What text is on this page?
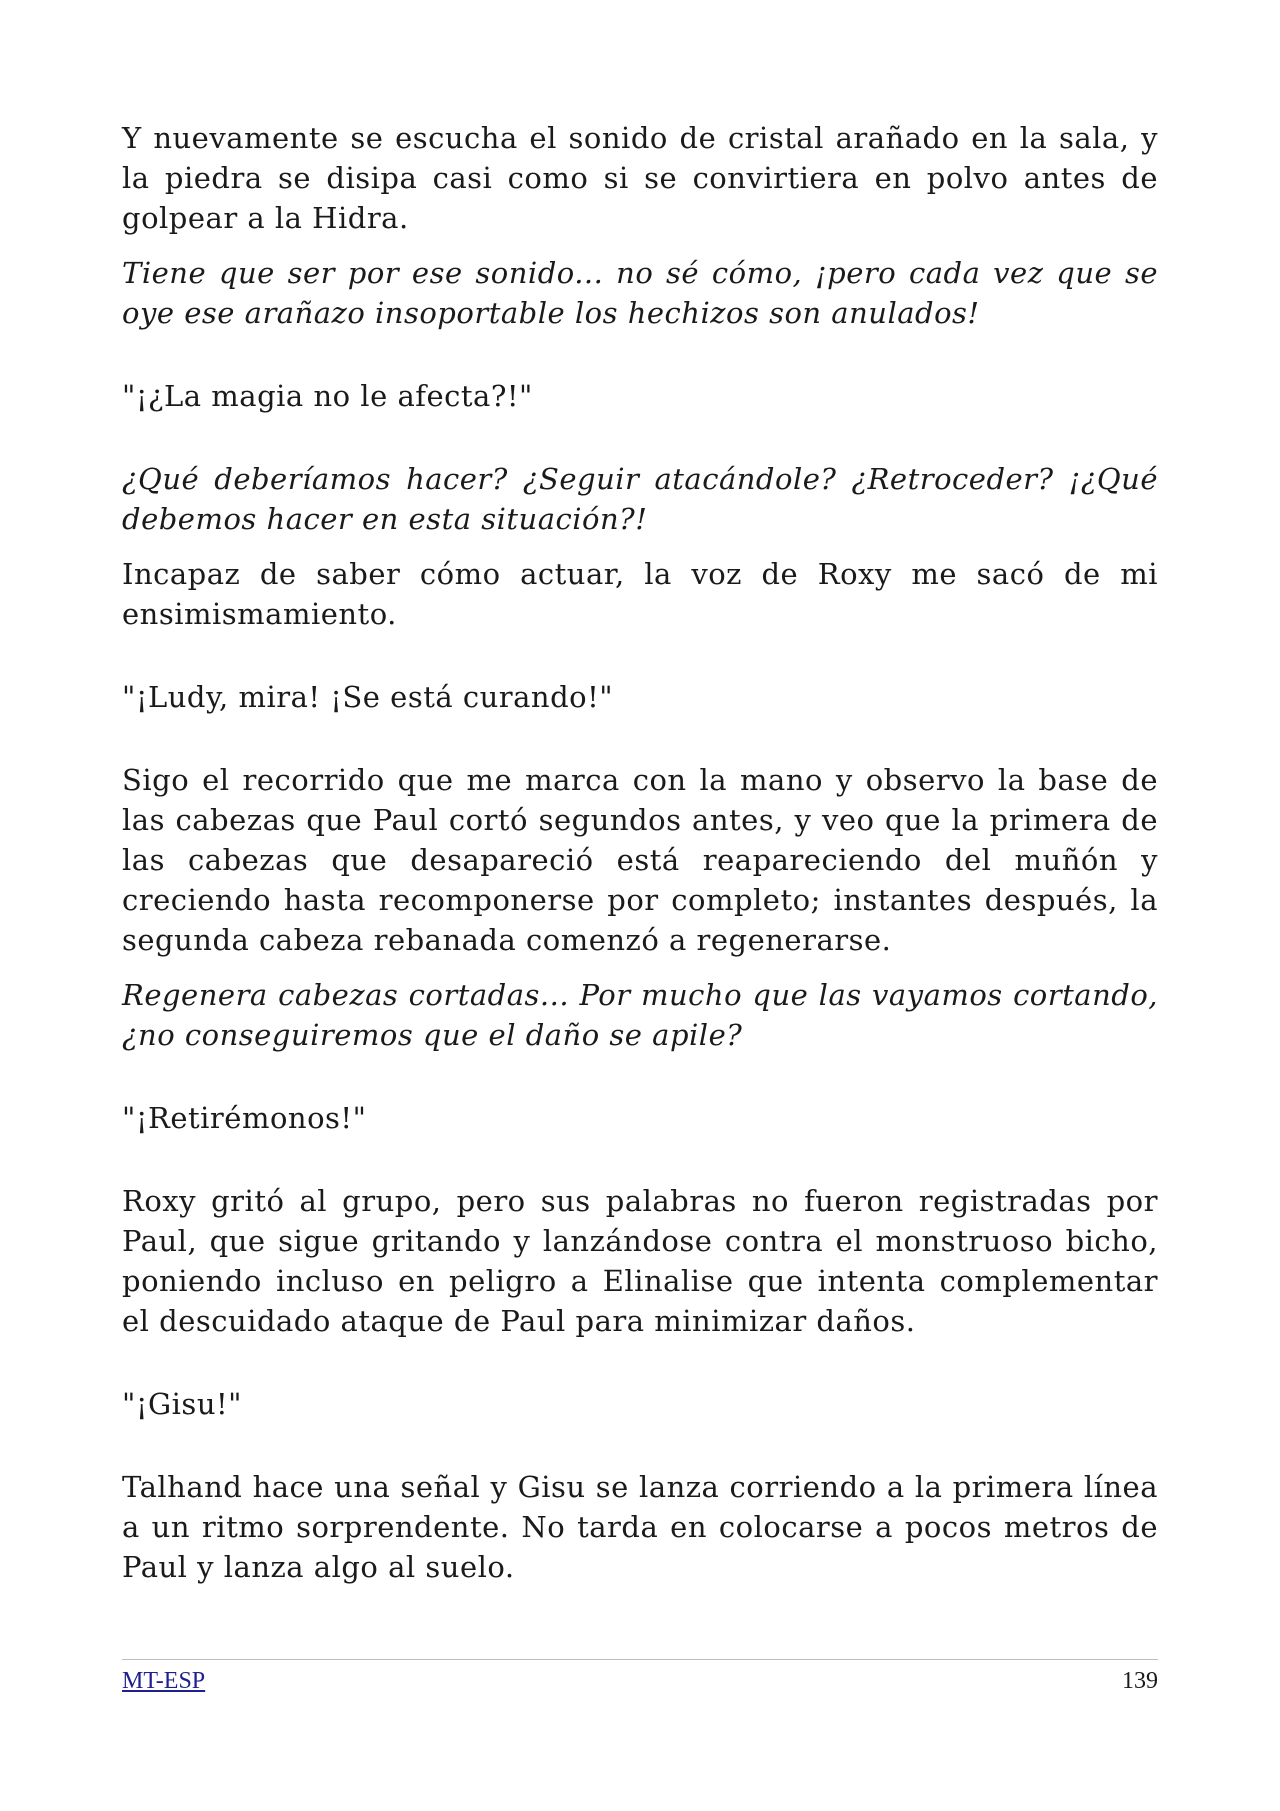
Y nuevamente se escucha el sonido de cristal arañado en la sala, y la piedra se disipa casi como si se convirtiera en polvo antes de golpear a la Hidra.

Tiene que ser por ese sonido... no sé cómo, ¡pero cada vez que se oye ese arañazo insoportable los hechizos son anulados!

"¡¿La magia no le afecta?!"

¿Qué deberíamos hacer? ¿Seguir atacándole? ¿Retroceder? ¡¿Qué debemos hacer en esta situación?!

Incapaz de saber cómo actuar, la voz de Roxy me sacó de mi ensimismamiento.

"¡Ludy, mira! ¡Se está curando!"

Sigo el recorrido que me marca con la mano y observo la base de las cabezas que Paul cortó segundos antes, y veo que la primera de las cabezas que desapareció está reapareciendo del muñón y creciendo hasta recomponerse por completo; instantes después, la segunda cabeza rebanada comenzó a regenerarse.

Regenera cabezas cortadas... Por mucho que las vayamos cortando, ¿no conseguiremos que el daño se apile?

"¡Retirémonos!"

Roxy gritó al grupo, pero sus palabras no fueron registradas por Paul, que sigue gritando y lanzándose contra el monstruoso bicho, poniendo incluso en peligro a Elinalise que intenta complementar el descuidado ataque de Paul para minimizar daños.

"¡Gisu!"

Talhand hace una señal y Gisu se lanza corriendo a la primera línea a un ritmo sorprendente. No tarda en colocarse a pocos metros de Paul y lanza algo al suelo.

MT-ESP	139
